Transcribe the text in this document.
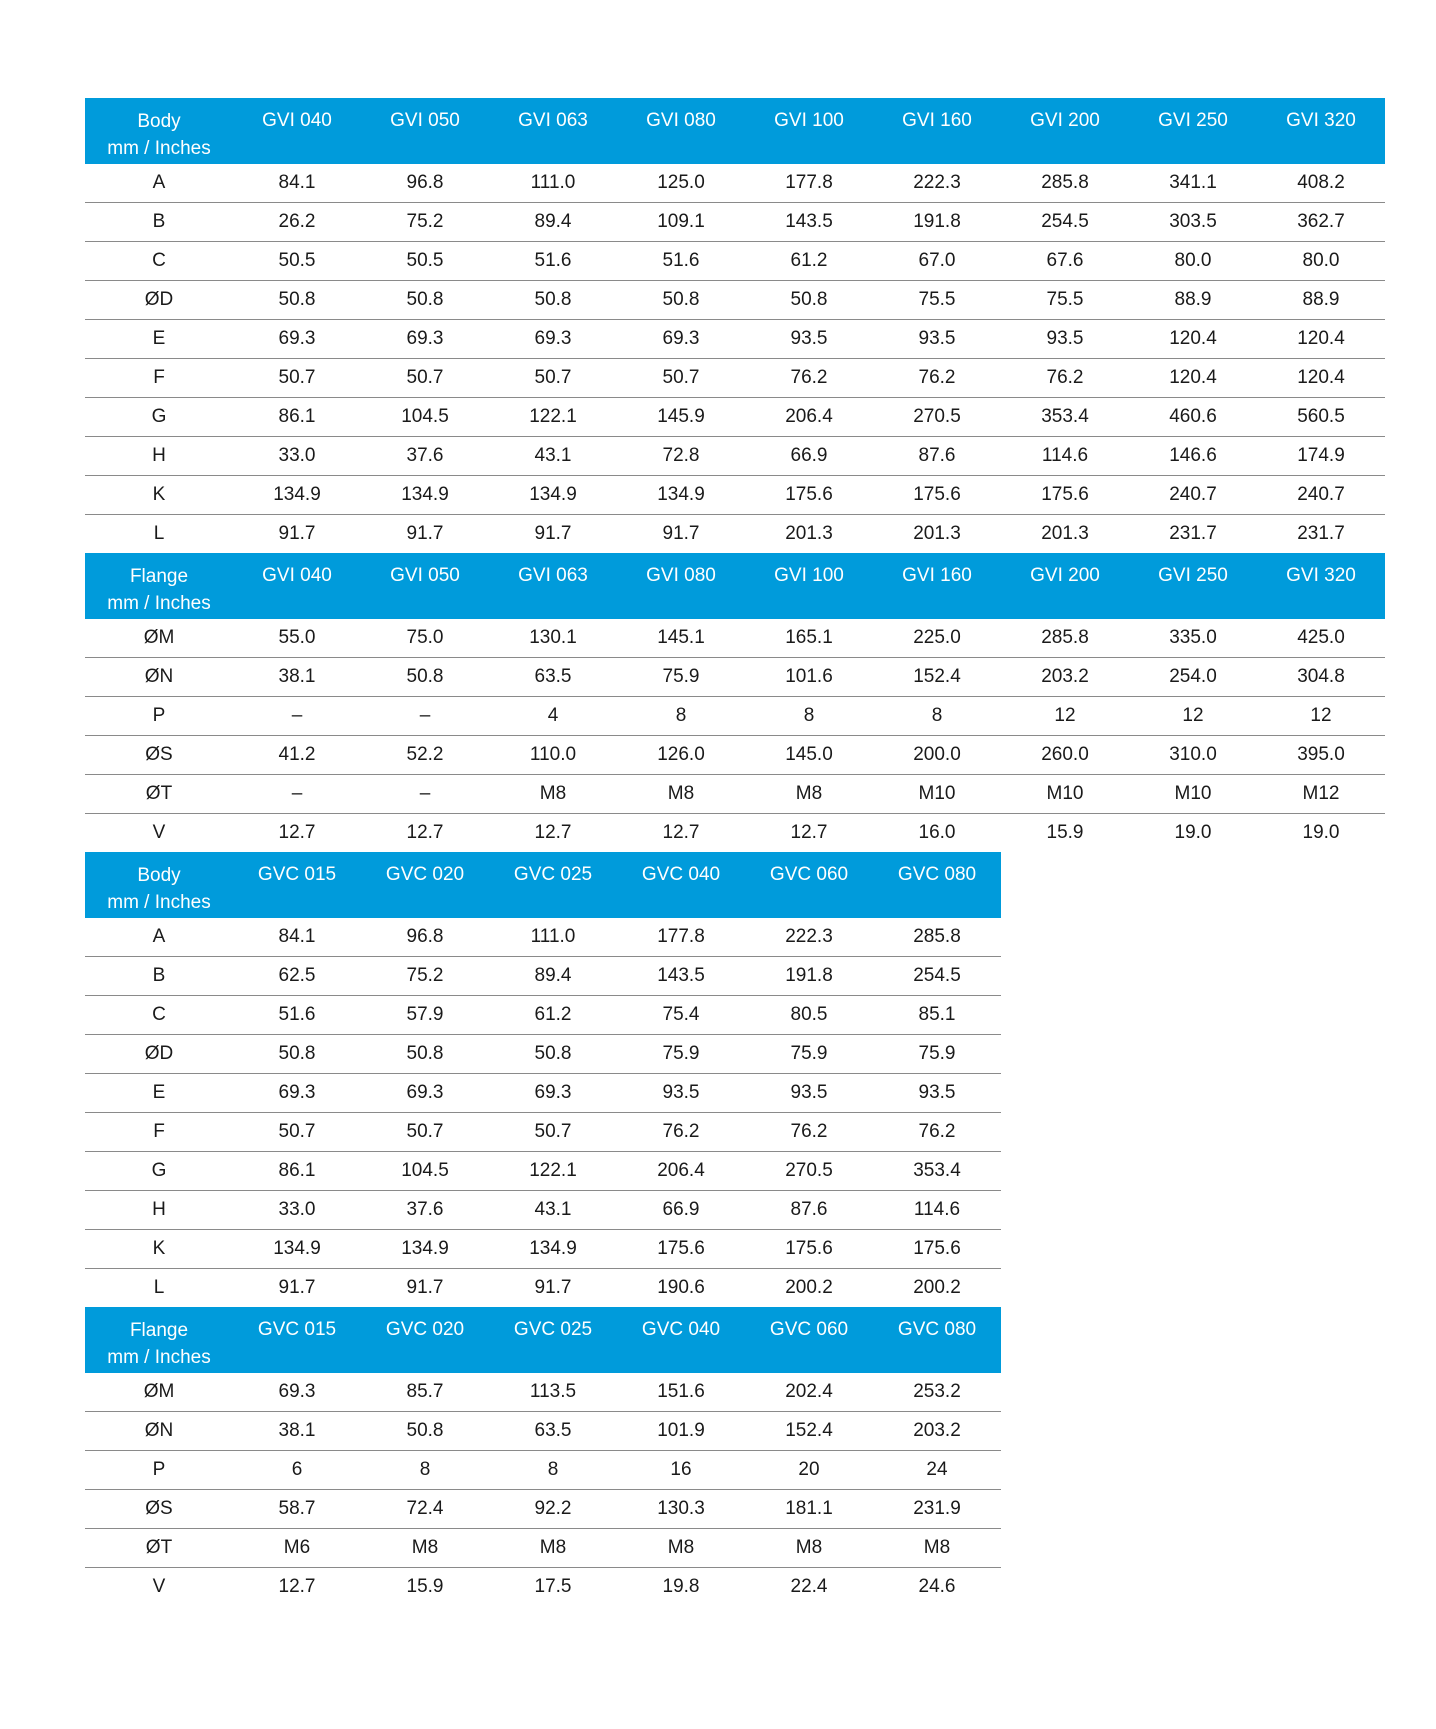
Body
mm / Inches	GVI 040	GVI 050	GVI 063	GVI 080	GVI 100	GVI 160	GVI 200	GVI 250	GVI 320
A	84.1	96.8	111.0	125.0	177.8	222.3	285.8	341.1	408.2
B	26.2	75.2	89.4	109.1	143.5	191.8	254.5	303.5	362.7
C	50.5	50.5	51.6	51.6	61.2	67.0	67.6	80.0	80.0
ØD	50.8	50.8	50.8	50.8	50.8	75.5	75.5	88.9	88.9
E	69.3	69.3	69.3	69.3	93.5	93.5	93.5	120.4	120.4
F	50.7	50.7	50.7	50.7	76.2	76.2	76.2	120.4	120.4
G	86.1	104.5	122.1	145.9	206.4	270.5	353.4	460.6	560.5
H	33.0	37.6	43.1	72.8	66.9	87.6	114.6	146.6	174.9
K	134.9	134.9	134.9	134.9	175.6	175.6	175.6	240.7	240.7
L	91.7	91.7	91.7	91.7	201.3	201.3	201.3	231.7	231.7
Flange
mm / Inches	GVI 040	GVI 050	GVI 063	GVI 080	GVI 100	GVI 160	GVI 200	GVI 250	GVI 320
ØM	55.0	75.0	130.1	145.1	165.1	225.0	285.8	335.0	425.0
ØN	38.1	50.8	63.5	75.9	101.6	152.4	203.2	254.0	304.8
P	–	–	4	8	8	8	12	12	12
ØS	41.2	52.2	110.0	126.0	145.0	200.0	260.0	310.0	395.0
ØT	–	–	M8	M8	M8	M10	M10	M10	M12
V	12.7	12.7	12.7	12.7	12.7	16.0	15.9	19.0	19.0
Body
mm / Inches	GVC 015	GVC 020	GVC 025	GVC 040	GVC 060	GVC 080
A	84.1	96.8	111.0	177.8	222.3	285.8
B	62.5	75.2	89.4	143.5	191.8	254.5
C	51.6	57.9	61.2	75.4	80.5	85.1
ØD	50.8	50.8	50.8	75.9	75.9	75.9
E	69.3	69.3	69.3	93.5	93.5	93.5
F	50.7	50.7	50.7	76.2	76.2	76.2
G	86.1	104.5	122.1	206.4	270.5	353.4
H	33.0	37.6	43.1	66.9	87.6	114.6
K	134.9	134.9	134.9	175.6	175.6	175.6
L	91.7	91.7	91.7	190.6	200.2	200.2
Flange
mm / Inches	GVC 015	GVC 020	GVC 025	GVC 040	GVC 060	GVC 080
ØM	69.3	85.7	113.5	151.6	202.4	253.2
ØN	38.1	50.8	63.5	101.9	152.4	203.2
P	6	8	8	16	20	24
ØS	58.7	72.4	92.2	130.3	181.1	231.9
ØT	M6	M8	M8	M8	M8	M8
V	12.7	15.9	17.5	19.8	22.4	24.6
